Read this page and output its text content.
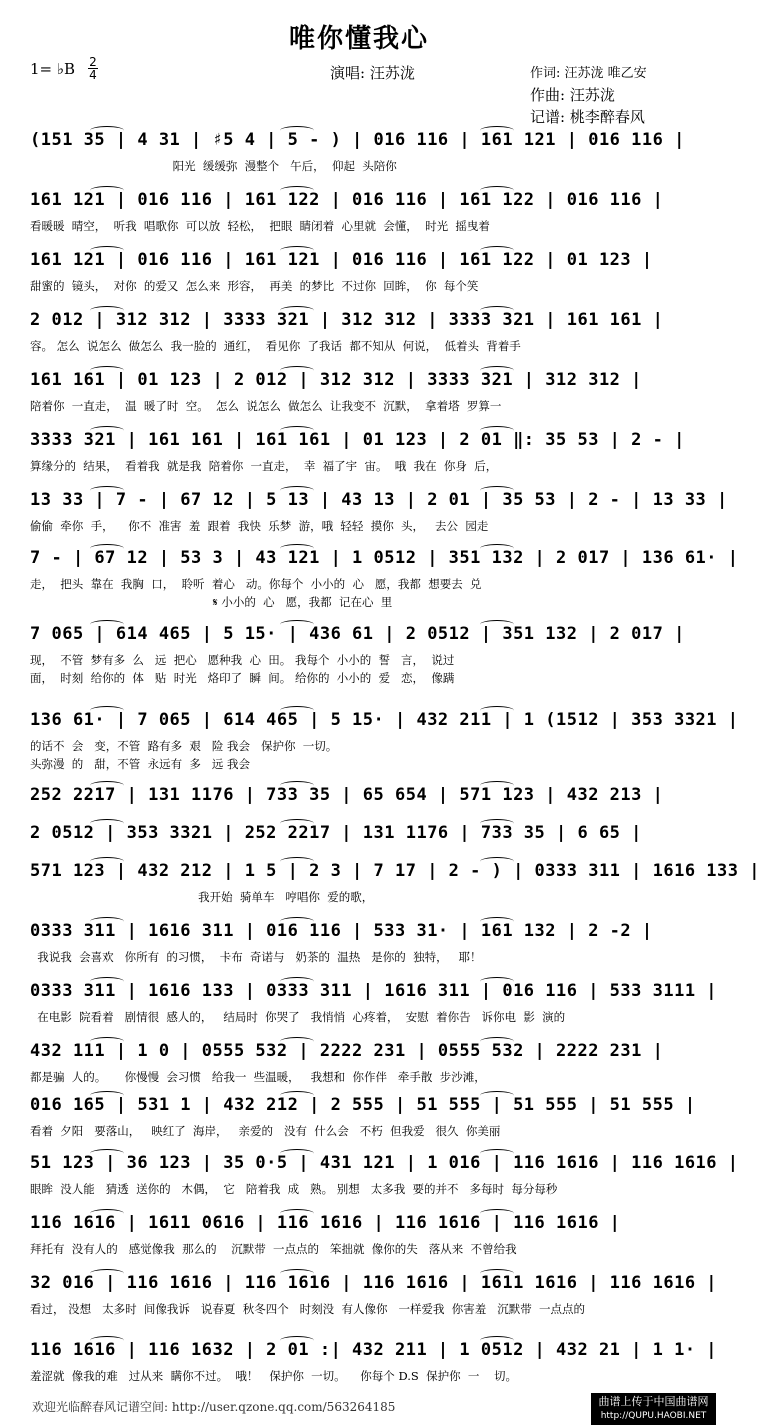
唯你懂我心
1= ♭B 2
4	演唱: 汪苏泷	作词: 汪苏泷 唯乙安
作曲: 汪苏泷
记谱: 桃李醉春风
(151 35 | 4 31 | ♯5 4 | 5 - ) | 016 116 | 161 121 | 016 116 |
阳光  缓缓弥  漫整个   午后，  仰起  头陪你
161 121 | 016 116 | 161 122 | 016 116 | 161 122 | 016 116 |
看暖暖  晴空，  听我  唱歌你  可以放  轻松，  把眼  睛闭着  心里就  会懂，  时光  摇曳着
161 121 | 016 116 | 161 121 | 016 116 | 161 122 | 01 123 |
甜蜜的  镜头，  对你  的爱又  怎么来  形容，  再美  的梦比  不过你  回眸，  你  每个笑
2 012 | 312 312 | 3333 321 | 312 312 | 3333 321 | 161 161 |
容。 怎么  说怎么  做怎么  我一脸的  通红，  看见你  了我话  都不知从  何说，  低着头  背着手
161 161 | 01 123 | 2 012 | 312 312 | 3333 321 | 312 312 |
陪着你  一直走，  温  暖了时  空。  怎么  说怎么  做怎么  让我变不  沉默，  拿着塔  罗算一
3333 321 | 161 161 | 161 161 | 01 123 | 2 01 ‖: 35 53 | 2 - |
算缘分的  结果，  看着我  就是我  陪着你  一直走，  幸  福了宇  宙。  哦  我在  你身  后，
13 33 | 7 - | 67 12 | 5 13 | 43 13 | 2 01 | 35 53 | 2 - | 13 33 |
偷偷  牵你  手，    你不  准害  羞  跟着  我快  乐梦  游，哦  轻轻  摸你  头，   去公  园走
7 - | 67 12 | 53 3 | 43 121 | 1 0512 | 351 132 | 2 017 | 136 61· |
走，  把头  靠在  我胸  口，  聆听  着心   动。你每个  小小的  心   愿，我都  想要去  兑
𝄋 小小的  心   愿，我都  记在心  里
7 065 | 614 465 | 5 15· | 436 61 | 2 0512 | 351 132 | 2 017 |
现，  不管  梦有多  么   远  把心   愿种我  心  田。 我每个  小小的  誓   言，  说过
面，  时刻  给你的  体   贴  时光   烙印了  瞬  间。 给你的  小小的  爱   恋，  像蹒
136 61· | 7 065 | 614 465 | 5 15· | 432 211 | 1 (1512 | 353 3321 |
的话不  会   变，不管  路有多  艰   险 我会   保护你  一切。
头弥漫  的   甜，不管  永远有  多   远 我会
252 2217 | 131 1176 | 733 35 | 65 654 | 571 123 | 432 213 |
2 0512 | 353 3321 | 252 2217 | 131 1176 | 733 35 | 6 65 |
571 123 | 432 212 | 1 5 | 2 3 | 7 17 | 2 - ) | 0333 311 | 1616 133 |
我开始  骑单车   哼唱你  爱的歌，
0333 311 | 1616 311 | 016 116 | 533 31· | 161 132 | 2 -2 |
我说我  会喜欢   你所有  的习惯，  卡布  奇诺与   奶茶的  温热   是你的  独特，   耶！
0333 311 | 1616 133 | 0333 311 | 1616 311 | 016 116 | 533 3111 |
在电影  院看着   剧情很  感人的，   结局时  你哭了   我悄悄  心疼着，  安慰  着你告   诉你电  影  演的
432 111 | 1 0 | 0555 532 | 2222 231 | 0555 532 | 2222 231 |
都是骗  人的。     你慢慢  会习惯   给我一  些温暖，   我想和  你作伴   牵手散  步沙滩，
016 165 | 531 1 | 432 212 | 2 555 | 51 555 | 51 555 | 51 555 |
看着  夕阳   要落山，   映红了  海岸，   亲爱的   没有  什么会   不朽  但我爱   很久  你美丽
51 123 | 36 123 | 35 0·5 | 431 121 | 1 016 | 116 1616 | 116 1616 |
眼眸  没人能   猜透  送你的   木偶，  它   陪着我  成   熟。 别想   太多我  要的并不   多每时  每分每秒
116 1616 | 1611 0616 | 116 1616 | 116 1616 | 116 1616 |
拜托有  没有人的   感觉像我  那么的    沉默带  一点点的   笨拙就  像你的失   落从来  不曾给我
32 016 | 116 1616 | 116 1616 | 116 1616 | 1611 1616 | 116 1616 |
看过， 没想   太多时  间像我诉   说春夏  秋冬四个   时刻没  有人像你   一样爱我  你害羞   沉默带  一点点的
116 1616 | 116 1632 | 2 01 :| 432 211 | 1 0512 | 432 21 | 1 1· |
羞涩就  像我的难   过从来  瞒你不过。  哦！   保护你  一切。    你每个 D.S  保护你  一    切。
欢迎光临醉春风记谱空间: http://user.qzone.qq.com/563264185	曲谱上传于中国曲谱网
http://QUPU.HAOBI.NET
